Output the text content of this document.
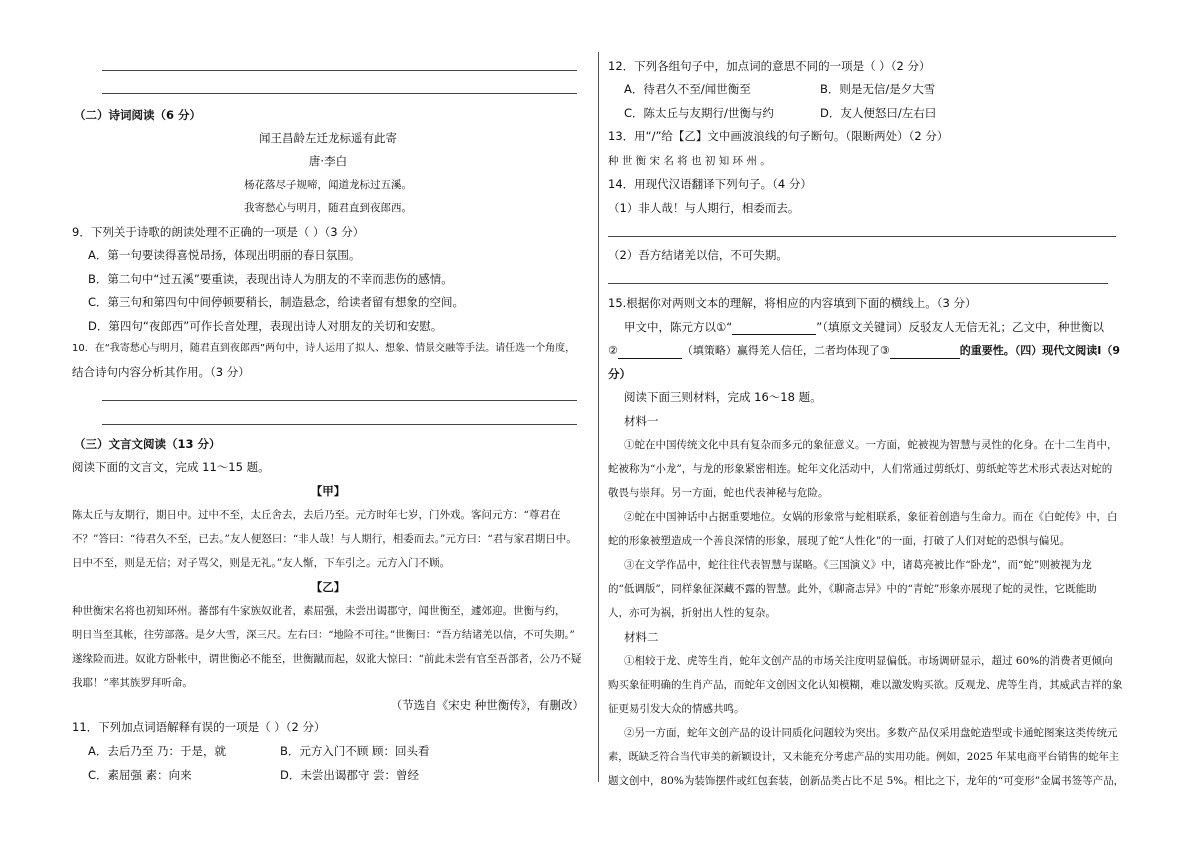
（二）诗词阅读（6 分）
闻王昌龄左迁龙标遥有此寄
唐·李白
杨花落尽子规啼，闻道龙标过五溪。
我寄愁心与明月，随君直到夜郎西。
9．下列关于诗歌的朗读处理不正确的一项是（ ）（3 分）
A．第一句要读得喜悦昂扬，体现出明丽的春日氛围。
B．第二句中“过五溪”要重读，表现出诗人为朋友的不幸而悲伤的感情。
C．第三句和第四句中间停顿要稍长，制造悬念，给读者留有想象的空间。
D．第四句“夜郎西”可作长音处理，表现出诗人对朋友的关切和安慰。
10．在“我寄愁心与明月，随君直到夜郎西”两句中，诗人运用了拟人、想象、情景交融等手法。请任选一个角度，
结合诗句内容分析其作用。（3 分）
（三）文言文阅读（13 分）
阅读下面的文言文，完成 11～15 题。
【甲】
陈太丘与友期行，期日中。过中不至，太丘舍去，去后乃至。元方时年七岁，门外戏。客问元方：“尊君在
不？”答曰：“待君久不至，已去。”友人便怒曰：“非人哉！与人期行，相委而去。”元方曰：“君与家君期日中。
日中不至，则是无信；对子骂父，则是无礼。”友人惭，下车引之。元方入门不顾。
【乙】
种世衡宋名将也初知环州。蕃部有牛家族奴讹者，素屈强，未尝出谒郡守，闻世衡至，遽郊迎。世衡与约，
明日当至其帐，往劳部落。是夕大雪，深三尺。左右曰：“地险不可往。”世衡曰：“吾方结诸羌以信，不可失期。”
遂缘险而进。奴讹方卧帐中，谓世衡必不能至，世衡蹴而起，奴讹大惊曰：“前此未尝有官至吾部者，公乃不疑
我耶！”率其族罗拜听命。
（节选自《宋史 种世衡传》，有删改）
11．下列加点词语解释有误的一项是（ ）（2 分）
A．去后乃至 乃：于是，就	B．元方入门不顾 顾：回头看
C．素屈强 素：向来	D．未尝出谒郡守 尝：曾经
12．下列各组句子中，加点词的意思不同的一项是（ ）（2 分）
A．待君久不至/闻世衡至	B．则是无信/是夕大雪
C．陈太丘与友期行/世衡与约	D．友人便怒曰/左右曰
13．用“/”给【乙】文中画波浪线的句子断句。（限断两处）（2 分）
种 世 衡 宋 名 将 也 初 知 环 州 。
14．用现代汉语翻译下列句子。（4 分）
（1）非人哉！与人期行，相委而去。
（2）吾方结诸羌以信，不可失期。
15.根据你对两则文本的理解，将相应的内容填到下面的横线上。（3 分）
甲文中，陈元方以①“	”（填原文关键词）反驳友人无信无礼；乙文中，种世衡以
②	（填策略）赢得羌人信任，二者均体现了③	的重要性。（四）现代文阅读Ⅰ（9
分）
阅读下面三则材料，完成 16～18 题。
材料一
①蛇在中国传统文化中具有复杂而多元的象征意义。一方面，蛇被视为智慧与灵性的化身。在十二生肖中，
蛇被称为“小龙”，与龙的形象紧密相连。蛇年文化活动中，人们常通过剪纸灯、剪纸蛇等艺术形式表达对蛇的
敬畏与崇拜。另一方面，蛇也代表神秘与危险。
②蛇在中国神话中占据重要地位。女娲的形象常与蛇相联系，象征着创造与生命力。而在《白蛇传》中，白
蛇的形象被塑造成一个善良深情的形象，展现了蛇“人性化”的一面，打破了人们对蛇的恐惧与偏见。
③在文学作品中，蛇往往代表智慧与谋略。《三国演义》中，诸葛亮被比作“卧龙”，而“蛇”则被视为龙
的“低调版”，同样象征深藏不露的智慧。此外，《聊斋志异》中的“青蛇”形象亦展现了蛇的灵性，它既能助
人，亦可为祸，折射出人性的复杂。
材料二
①相较于龙、虎等生肖，蛇年文创产品的市场关注度明显偏低。市场调研显示，超过 60%的消费者更倾向
购买象征明确的生肖产品，而蛇年文创因文化认知模糊，难以激发购买欲。反观龙、虎等生肖，其威武吉祥的象
征更易引发大众的情感共鸣。
②另一方面，蛇年文创产品的设计同质化问题较为突出。多数产品仅采用盘蛇造型或卡通蛇图案这类传统元
素，既缺乏符合当代审美的新颖设计，又未能充分考虑产品的实用功能。例如，2025 年某电商平台销售的蛇年主
题文创中，80%为装饰摆件或红包套装，创新品类占比不足 5%。相比之下，龙年的“可变形”金属书签等产品，
